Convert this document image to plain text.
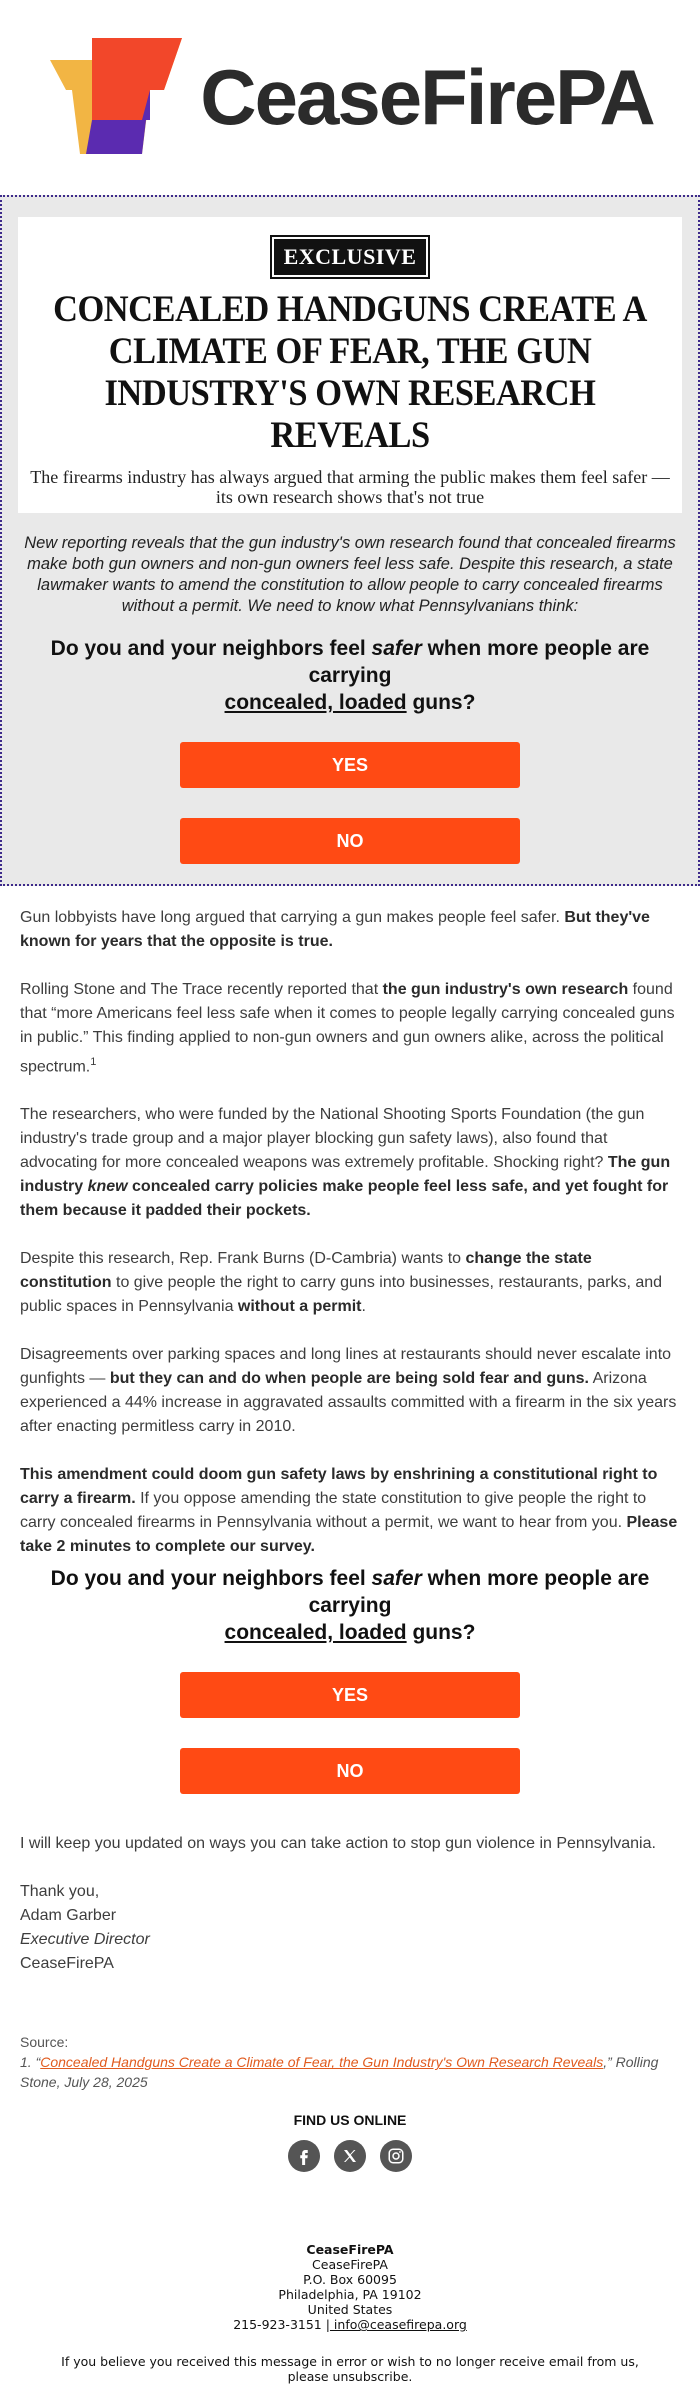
CeaseFirePA
EXCLUSIVE
CONCEALED HANDGUNS CREATE A CLIMATE OF FEAR, THE GUN INDUSTRY'S OWN RESEARCH REVEALS

The firearms industry has always argued that arming the public makes them feel safer — its own research shows that's not true

New reporting reveals that the gun industry's own research found that concealed firearms make both gun owners and non-gun owners feel less safe. Despite this research, a state lawmaker wants to amend the constitution to allow people to carry concealed firearms without a permit. We need to know what Pennsylvanians think:

Do you and your neighbors feel safer when more people are carrying
concealed, loaded guns?
YES
NO

Gun lobbyists have long argued that carrying a gun makes people feel safer. But they've known for years that the opposite is true.

Rolling Stone and The Trace recently reported that the gun industry's own research found that “more Americans feel less safe when it comes to people legally carrying concealed guns in public.” This finding applied to non-gun owners and gun owners alike, across the political spectrum.$^1$

The researchers, who were funded by the National Shooting Sports Foundation (the gun industry's trade group and a major player blocking gun safety laws), also found that advocating for more concealed weapons was extremely profitable. Shocking right? The gun industry knew concealed carry policies make people feel less safe, and yet fought for them because it padded their pockets.

Despite this research, Rep. Frank Burns (D-Cambria) wants to change the state constitution to give people the right to carry guns into businesses, restaurants, parks, and public spaces in Pennsylvania without a permit.

Disagreements over parking spaces and long lines at restaurants should never escalate into gunfights — but they can and do when people are being sold fear and guns. Arizona experienced a 44% increase in aggravated assaults committed with a firearm in the six years after enacting permitless carry in 2010.

This amendment could doom gun safety laws by enshrining a constitutional right to carry a firearm. If you oppose amending the state constitution to give people the right to carry concealed firearms in Pennsylvania without a permit, we want to hear from you. Please take 2 minutes to complete our survey.

Do you and your neighbors feel safer when more people are carrying
concealed, loaded guns?
YES
NO

I will keep you updated on ways you can take action to stop gun violence in Pennsylvania.

Thank you,

Adam Garber

Executive Director

CeaseFirePA

Source:
1. “Concealed Handguns Create a Climate of Fear, the Gun Industry's Own Research Reveals,” Rolling Stone, July 28, 2025
FIND US ONLINE
CeaseFirePA
CeaseFirePA
P.O. Box 60095
Philadelphia, PA 19102
United States
215-923-3151 | info@ceasefirepa.org

If you believe you received this message in error or wish to no longer receive email from us, please unsubscribe.
